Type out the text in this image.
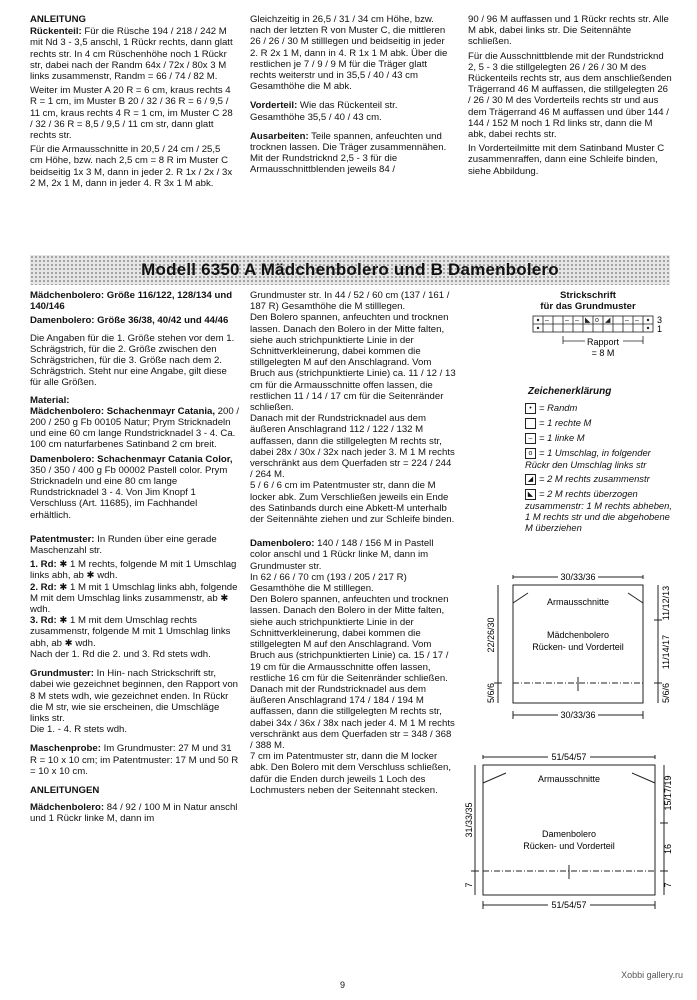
ANLEITUNG

Rückenteil: Für die Rüsche 194 / 218 / 242 M mit Nd 3 - 3,5 anschl, 1 Rückr rechts, dann glatt rechts str. In 4 cm Rüschenhöhe noch 1 Rückr str, dabei nach der Randm 64x / 72x / 80x 3 M links zusammenstr, Randm = 66 / 74 / 82 M.

Weiter im Muster A 20 R = 6 cm, kraus rechts 4 R = 1 cm, im Muster B 20 / 32 / 36 R = 6 / 9,5 / 11 cm, kraus rechts 4 R = 1 cm, im Muster C 28 / 32 / 36 R = 8,5 / 9,5 / 11 cm str, dann glatt rechts str.

Für die Armausschnitte in 20,5 / 24 cm / 25,5 cm Höhe, bzw. nach 2,5 cm = 8 R im Muster C beidseitig 1x 3 M, dann in jeder 2. R 1x / 2x / 3x 2 M, 2x 1 M, dann in jeder 4. R 3x 1 M abk.

Gleichzeitig in 26,5 / 31 / 34 cm Höhe, bzw. nach der letzten R von Muster C, die mittleren 26 / 26 / 30 M stilllegen und beidseitig in jeder 2. R 2x 1 M, dann in 4. R 1x 1 M abk. Über die restlichen je 7 / 9 / 9 M für die Träger glatt rechts weiterstr und in 35,5 / 40 / 43 cm Gesamthöhe die M abk.

Vorderteil: Wie das Rückenteil str. Gesamthöhe 35,5 / 40 / 43 cm.

Ausarbeiten: Teile spannen, anfeuchten und trocknen lassen. Die Träger zusammennähen. Mit der Rundstricknd 2,5 - 3 für die Armausschnittblenden jeweils 84 /

90 / 96 M auffassen und 1 Rückr rechts str. Alle M abk, dabei links str. Die Seitennähte schließen.

Für die Ausschnittblende mit der Rundstricknd 2, 5 - 3 die stillgelegten 26 / 26 / 30 M des Rückenteils rechts str, aus dem anschließenden Trägerrand 46 M auffassen, die stillgelegten 26 / 26 / 30 M des Vorderteils rechts str und aus dem Trägerrand 46 M auffassen und über 144 / 144 / 152 M noch 1 Rd links str, dann die M abk, dabei rechts str.

In Vorderteilmitte mit dem Satinband Muster C zusammenraffen, dann eine Schleife binden, siehe Abbildung.

Modell 6350 A Mädchenbolero und B Damenbolero

Mädchenbolero: Größe 116/122, 128/134 und 140/146

Damenbolero: Größe 36/38, 40/42 und 44/46

Die Angaben für die 1. Größe stehen vor dem 1. Schrägstrich, für die 2. Größe zwischen den Schrägstrichen, für die 3. Größe nach dem 2. Schrägstrich. Steht nur eine Angabe, gilt diese für alle Größen.

Material:

Mädchenbolero: Schachenmayr Catania, 200 / 200 / 250 g Fb 00105 Natur; Prym Stricknadeln und eine 60 cm lange Rundstricknadel 3 - 4. Ca. 100 cm naturfarbenes Satinband 2 cm breit.

Damenbolero: Schachenmayr Catania Color, 350 / 350 / 400 g Fb 00002 Pastell color. Prym Stricknadeln und eine 80 cm lange Rundstricknadel 3 - 4. Von Jim Knopf 1 Verschluss (Art. 11685), im Fachhandel erhältlich.

Patentmuster: In Runden über eine gerade Maschenzahl str.

1. Rd: ✱ 1 M rechts, folgende M mit 1 Umschlag links abh, ab ✱ wdh.

2. Rd: ✱ 1 M mit 1 Umschlag links abh, folgende M mit dem Umschlag links zusammenstr, ab ✱ wdh.

3. Rd: ✱ 1 M mit dem Umschlag rechts zusammenstr, folgende M mit 1 Umschlag links abh, ab ✱ wdh.

Nach der 1. Rd die 2. und 3. Rd stets wdh.

Grundmuster: In Hin- nach Strickschrift str, dabei wie gezeichnet beginnen, den Rapport von 8 M stets wdh, wie gezeichnet enden. In Rückr die M str, wie sie erscheinen, die Umschläge links str.

Die 1. - 4. R stets wdh.

Maschenprobe: Im Grundmuster: 27 M und 31 R = 10 x 10 cm; im Patentmuster: 17 M und 50 R = 10 x 10 cm.

ANLEITUNGEN

Mädchenbolero: 84 / 92 / 100 M in Natur anschl und 1 Rückr linke M, dann im

Grundmuster str. In 44 / 52 / 60 cm (137 / 161 / 187 R) Gesamthöhe die M stilllegen.

Den Bolero spannen, anfeuchten und trocknen lassen. Danach den Bolero in der Mitte falten, siehe auch strichpunktierte Linie in der Schnittverkleinerung, dabei kommen die stillgelegten M auf den Anschlagrand. Vom Bruch aus (strichpunktierte Linie) ca. 11 / 12 / 13 cm für die Armausschnitte offen lassen, die restlichen 11 / 14 / 17 cm für die Seitenränder schließen.

Danach mit der Rundstricknadel aus dem äußeren Anschlagrand 112 / 122 / 132 M auffassen, dann die stillgelegten M rechts str, dabei 28x / 30x / 32x nach jeder 3. M 1 M rechts verschränkt aus dem Querfaden str = 224 / 244 / 264 M.

5 / 6 / 6 cm im Patentmuster str, dann die M locker abk. Zum Verschließen jeweils ein Ende des Satinbands durch eine Abkett-M unterhalb der Seitennähte ziehen und zur Schleife binden.

Damenbolero: 140 / 148 / 156 M in Pastell color anschl und 1 Rückr linke M, dann im Grundmuster str.

In 62 / 66 / 70 cm (193 / 205 / 217 R) Gesamthöhe die M stilllegen.

Den Bolero spannen, anfeuchten und trocknen lassen. Danach den Bolero in der Mitte falten, siehe auch strichpunktierte Linie in der Schnittverkleinerung, dabei kommen die stillgelegten M auf den Anschlagrand. Vom Bruch aus (strichpunktierten Linie) ca. 15 / 17 / 19 cm für die Armausschnitte offen lassen, restliche 16 cm für die Seitenränder schließen.

Danach mit der Rundstricknadel aus dem äußeren Anschlagrand 174 / 184 / 194 M auffassen, dann die stillgelegten M rechts str, dabei 34x / 36x / 38x nach jeder 4. M 1 M rechts verschränkt aus dem Querfaden str = 348 / 368 / 388 M.

7 cm im Patentmuster str, dann die M locker abk. Den Bolero mit dem Verschluss schließen, dafür die Enden durch jeweils 1 Loch des Lochmusters neben der Seitennaht stecken.

Strickschrift
für das Grundmuster
– – – ◣ o ◢ – – 3
1
Rapport
= 8 M
Zeichenerklärung
• = Randm
= 1 rechte M
– = 1 linke M
o = 1 Umschlag, in folgender Rückr den Umschlag links str
◢ = 2 M rechts zusammenstr
◣ = 2 M rechts überzogen zusammenstr: 1 M rechts abheben, 1 M rechts str und die abgehobene M überziehen
30/33/36
30/33/36
Armausschnitte
Mädchenbolero
Rücken- und Vorderteil
22/26/30
5/6/6
11/12/13
11/14/17
5/6/6
51/54/57
51/54/57
Armausschnitte
Damenbolero
Rücken- und Vorderteil
31/33/35
7
15/17/19
16
7
9
Xobbi gallery.ru
